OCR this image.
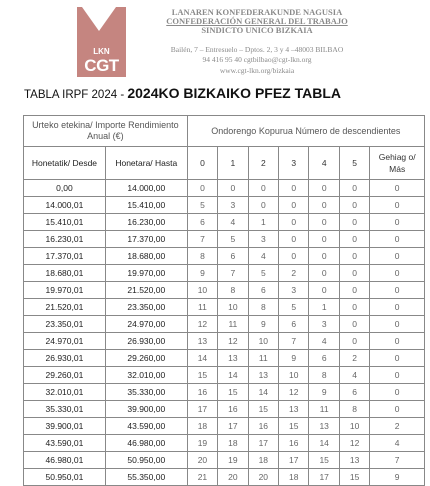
LKN
CGT
LANAREN KONFEDERAKUNDE NAGUSIA
CONFEDERACIÓN GENERAL DEL TRABAJO
SINDICTO UNICO BIZKAIA
Bailén, 7 – Entresuelo – Dptos. 2, 3 y 4 –48003 BILBAO
94 416 95 40 cgtbilbao@cgt-lkn.org
www.cgt-lkn.org/bizkaia
TABLA IRPF 2024 - 2024KO BIZKAIKO PFEZ TABLA
Urteko etekina/ Importe Rendimiento Anual (€)		Ondorengo Kopurua Número de descendientes						
Honetatik/ Desde	Honetara/ Hasta	0	1	2	3	4	5	Gehiag o/ Más
0,00	14.000,00	0	0	0	0	0	0	0
14.000,01	15.410,00	5	3	0	0	0	0	0
15.410,01	16.230,00	6	4	1	0	0	0	0
16.230,01	17.370,00	7	5	3	0	0	0	0
17.370,01	18.680,00	8	6	4	0	0	0	0
18.680,01	19.970,00	9	7	5	2	0	0	0
19.970,01	21.520,00	10	8	6	3	0	0	0
21.520,01	23.350,00	11	10	8	5	1	0	0
23.350,01	24.970,00	12	11	9	6	3	0	0
24.970,01	26.930,00	13	12	10	7	4	0	0
26.930,01	29.260,00	14	13	11	9	6	2	0
29.260,01	32.010,00	15	14	13	10	8	4	0
32.010,01	35.330,00	16	15	14	12	9	6	0
35.330,01	39.900,00	17	16	15	13	11	8	0
39.900,01	43.590,00	18	17	16	15	13	10	2
43.590,01	46.980,00	19	18	17	16	14	12	4
46.980,01	50.950,00	20	19	18	17	15	13	7
50.950,01	55.350,00	21	20	20	18	17	15	9
